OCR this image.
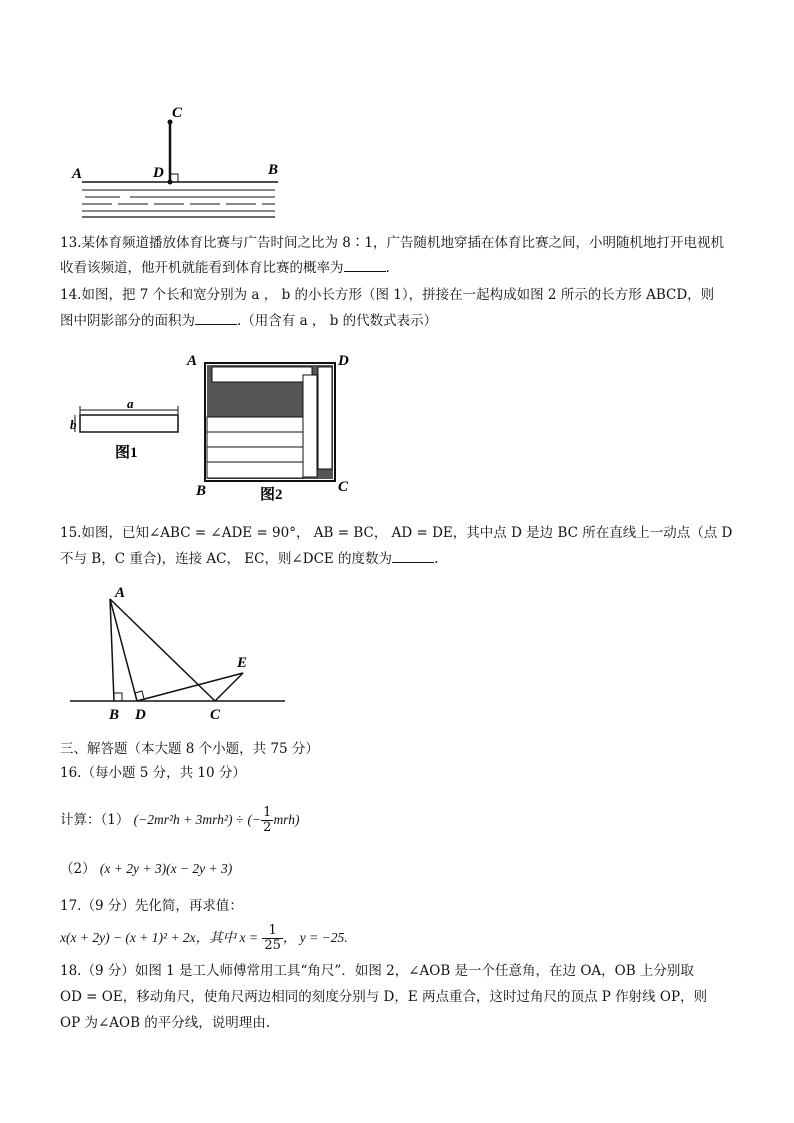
C
A	D	B
13.某体育频道播放体育比赛与广告时间之比为 8∶1，广告随机地穿插在体育比赛之间，小明随机地打开电视机
收看该频道，他开机就能看到体育比赛的概率为	.
14.如图，把 7 个长和宽分别为 a ， b 的小长方形（图 1），拼接在一起构成如图 2 所示的长方形 ABCD，则
图中阴影部分的面积为	.（用含有 a ， b 的代数式表示）
a
b
图1
A	D
B	C
图2
15.如图，已知∠ABC = ∠ADE = 90°， AB = BC， AD = DE，其中点 D 是边 BC 所在直线上一动点（点 D
不与 B，C 重合)，连接 AC， EC，则∠DCE 的度数为	.
A
E
B D	C
三、解答题（本大题 8 个小题，共 75 分）
16.（每小题 5 分，共 10 分）
计算：（1） (−2mr²h + 3mrh²) ÷ (− $\frac{1}{2} mrh$)
（2） (x + 2y + 3)(x − 2y + 3)
17.（9 分）先化简，再求值：
x(x + 2y) − (x + 1)² + 2x，其中 $x = \frac{1}{25}$ ， y = −25.
18.（9 分）如图 1 是工人师傅常用工具“角尺”．如图 2，∠AOB 是一个任意角，在边 OA，OB 上分别取
OD = OE，移动角尺，使角尺两边相同的刻度分别与 D，E 两点重合，这时过角尺的顶点 P 作射线 OP，则
OP 为∠AOB 的平分线，说明理由.
